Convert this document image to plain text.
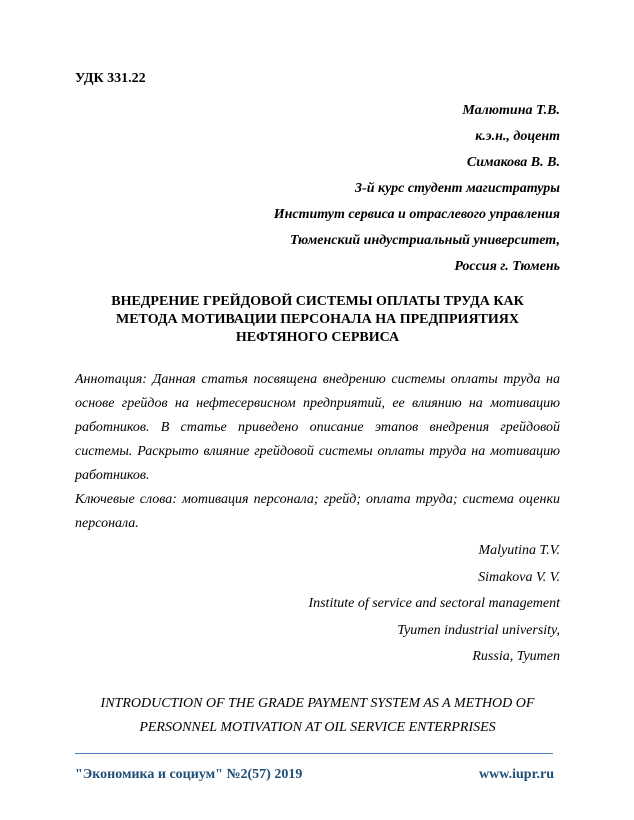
УДК 331.22
Малютина Т.В.
к.э.н., доцент
Симакова В. В.
3-й курс студент магистратуры
Институт сервиса и отраслевого управления
Тюменский индустриальный университет,
Россия г. Тюмень
ВНЕДРЕНИЕ ГРЕЙДОВОЙ СИСТЕМЫ ОПЛАТЫ ТРУДА КАК
МЕТОДА МОТИВАЦИИ ПЕРСОНАЛА НА ПРЕДПРИЯТИЯХ
НЕФТЯНОГО СЕРВИСА

Аннотация: Данная статья посвящена внедрению системы оплаты труда на основе грейдов на нефтесервисном предприятий, ее влиянию на мотивацию работников. В статье приведено описание этапов внедрения грейдовой системы. Раскрыто влияние грейдовой системы оплаты труда на мотивацию работников.

Ключевые слова: мотивация персонала; грейд; оплата труда; система оценки персонала.

Malyutina T.V.
Simakova V. V.
Institute of service and sectoral management
Tyumen industrial university,
Russia, Tyumen
INTRODUCTION OF THE GRADE PAYMENT SYSTEM AS A METHOD OF
PERSONNEL MOTIVATION AT OIL SERVICE ENTERPRISES
"Экономика и социум" №2(57) 2019	www.iupr.ru
